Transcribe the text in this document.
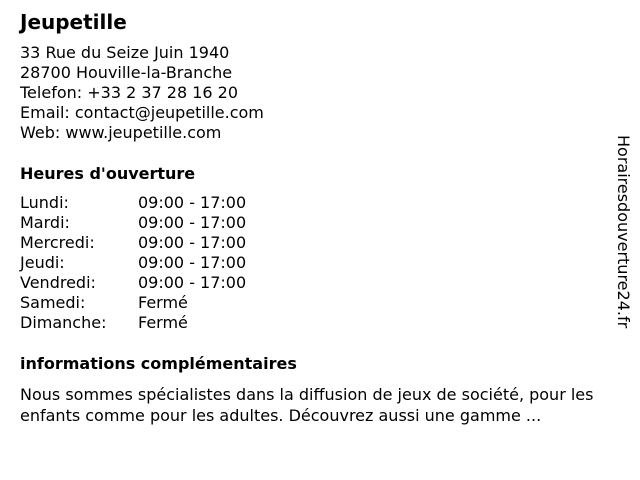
Jeupetille
33 Rue du Seize Juin 1940
28700 Houville-la-Branche
Telefon: +33 2 37 28 16 20
Email: contact@jeupetille.com
Web: www.jeupetille.com
Heures d'ouverture
Lundi:	09:00 - 17:00
Mardi:	09:00 - 17:00
Mercredi:	09:00 - 17:00
Jeudi:	09:00 - 17:00
Vendredi:	09:00 - 17:00
Samedi:	Fermé
Dimanche: Fermé
informations complémentaires

Nous sommes spécialistes dans la diffusion de jeux de société, pour les enfants comme pour les adultes. Découvrez aussi une gamme ...

Horairesdouverture24.fr
